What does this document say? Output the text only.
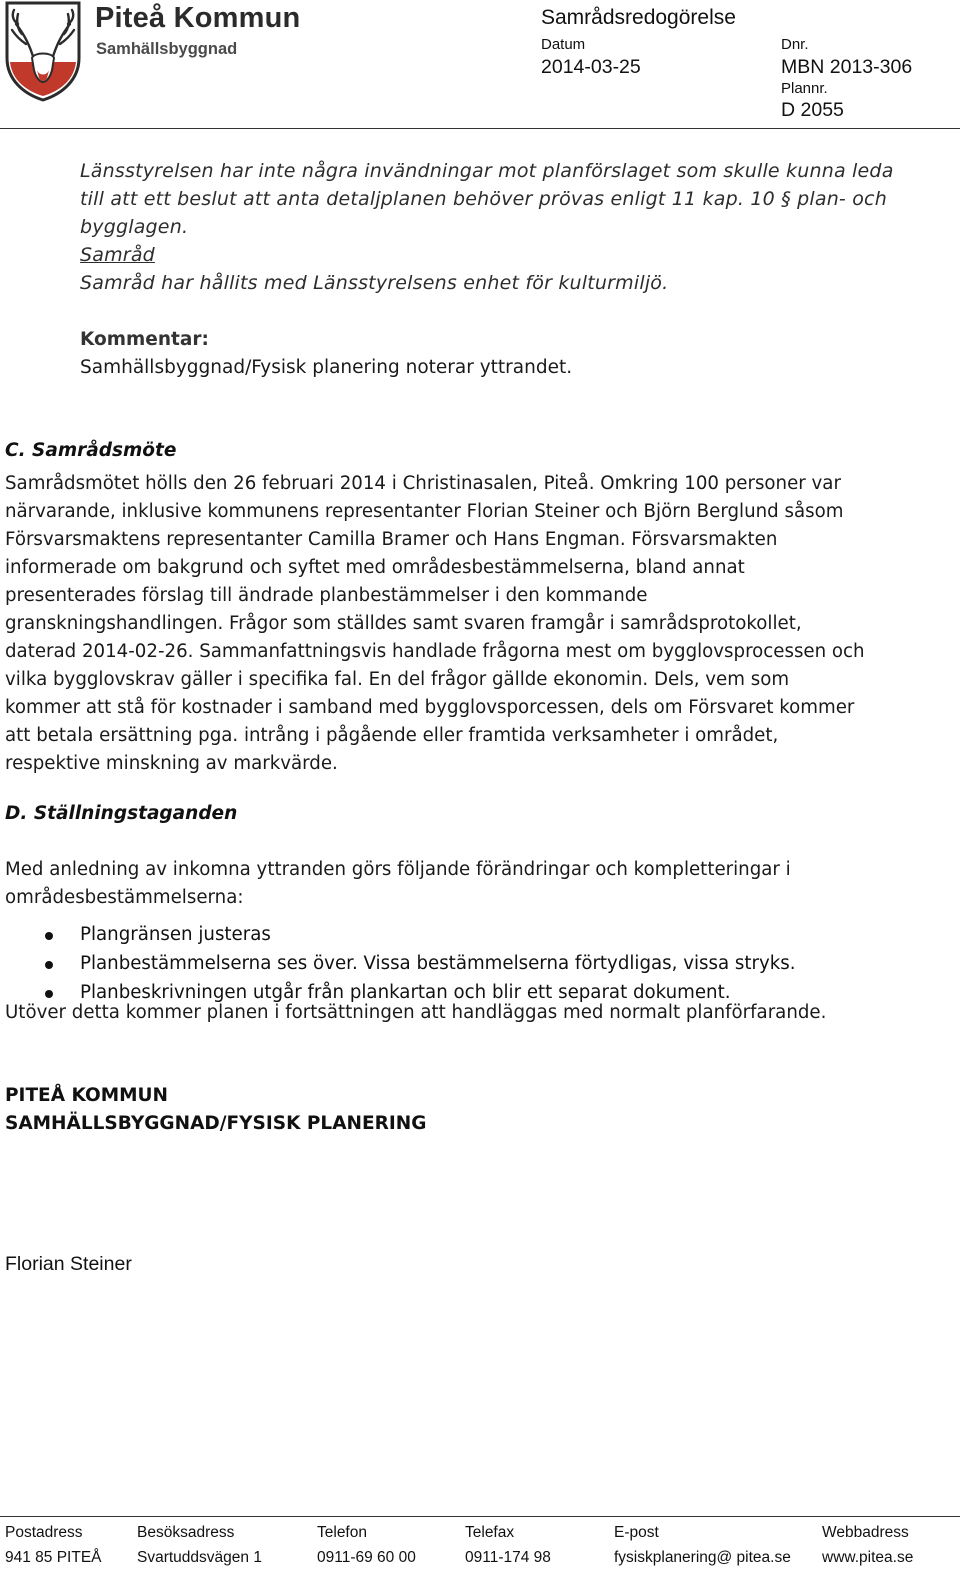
Piteå Kommun
Samhällsbyggnad
Samrådsredogörelse
Datum
2014-03-25
Dnr.
MBN 2013-306
Plannr.
D 2055
Länsstyrelsen har inte några invändningar mot planförslaget som skulle kunna leda
till att ett beslut att anta detaljplanen behöver prövas enligt 11 kap. 10 § plan- och
bygglagen.
Samråd
Samråd har hållits med Länsstyrelsens enhet för kulturmiljö.
Kommentar:
Samhällsbyggnad/Fysisk planering noterar yttrandet.
C. Samrådsmöte
Samrådsmötet hölls den 26 februari 2014 i Christinasalen, Piteå. Omkring 100 personer var
närvarande, inklusive kommunens representanter Florian Steiner och Björn Berglund såsom
Försvarsmaktens representanter Camilla Bramer och Hans Engman. Försvarsmakten
informerade om bakgrund och syftet med områdesbestämmelserna, bland annat
presenterades förslag till ändrade planbestämmelser i den kommande
granskningshandlingen. Frågor som ställdes samt svaren framgår i samrådsprotokollet,
daterad 2014-02-26. Sammanfattningsvis handlade frågorna mest om bygglovsprocessen och
vilka bygglovskrav gäller i specifika fal. En del frågor gällde ekonomin. Dels, vem som
kommer att stå för kostnader i samband med bygglovsporcessen, dels om Försvaret kommer
att betala ersättning pga. intrång i pågående eller framtida verksamheter i området,
respektive minskning av markvärde.
D. Ställningstaganden
Med anledning av inkomna yttranden görs följande förändringar och kompletteringar i
områdesbestämmelserna:
Plangränsen justeras
Planbestämmelserna ses över. Vissa bestämmelserna förtydligas, vissa stryks.
Planbeskrivningen utgår från plankartan och blir ett separat dokument.
Utöver detta kommer planen i fortsättningen att handläggas med normalt planförfarande.
PITEÅ KOMMUN
SAMHÄLLSBYGGNAD/FYSISK PLANERING
Florian Steiner
Postadress
941 85 PITEÅ
Besöksadress
Svartuddsvägen 1
Telefon
0911-69 60 00
Telefax
0911-174 98
E-post
fysiskplanering@ pitea.se
Webbadress
www.pitea.se
